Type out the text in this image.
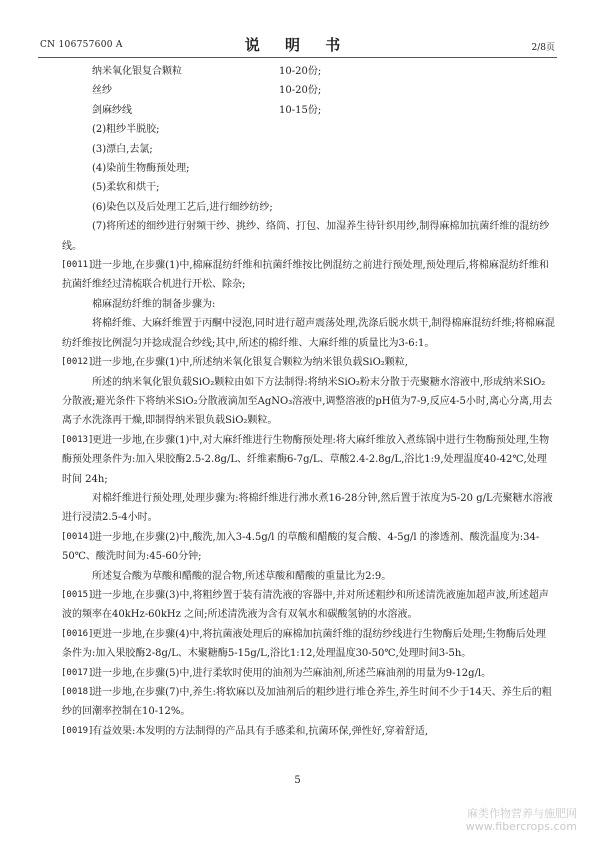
CN 106757600 A	说 明 书	2/8页
纳米氧化银复合颗粒	10-20份;
丝纱	10-20份;
剑麻纱线	10-15份;
(2)粗纱半脱胶;
(3)漂白,去氯;
(4)染前生物酶预处理;
(5)柔软和烘干;
(6)染色以及后处理工艺后,进行细纱纺纱;
(7)将所述的细纱进行射频干纱、挑纱、络筒、打包、加湿养生待针织用纱,制得麻棉加抗菌纤维的混纺纱线。
[0011]
进一步地,在步骤(1)中,棉麻混纺纤维和抗菌纤维按比例混纺之前进行预处理,预处理后,将棉麻混纺纤维和抗菌纤维经过清梳联合机进行开松、除杂;
棉麻混纺纤维的制备步骤为:
将棉纤维、大麻纤维置于丙酮中浸泡,同时进行超声震荡处理,洗涤后脱水烘干,制得棉麻混纺纤维;将棉麻混纺纤维按比例混匀并捻成混合纱线;其中,所述的棉纤维、大麻纤维的质量比为3-6:1。
[0012]
进一步地,在步骤(1)中,所述纳米氧化银复合颗粒为纳米银负载SiO₂颗粒,
所述的纳米氧化银负载SiO₂颗粒由如下方法制得:将纳米SiO₂粉末分散于壳聚糖水溶液中,形成纳米SiO₂分散液;避光条件下将纳米SiO₂分散液滴加至AgNO₃溶液中,调整溶液的pH值为7-9,反应4-5小时,离心分离,用去离子水洗涤再干燥,即制得纳米银负载SiO₂颗粒。
[0013]
更进一步地,在步骤(1)中,对大麻纤维进行生物酶预处理:将大麻纤维放入煮练锅中进行生物酶预处理,生物酶预处理条件为:加入果胶酶2.5-2.8g/L、纤维素酶6-7g/L、草酸2.4-2.8g/L,浴比1:9,处理温度40-42℃,处理时间 24h;
对棉纤维进行预处理,处理步骤为:将棉纤维进行沸水煮16-28分钟,然后置于浓度为5-20 g/L壳聚糖水溶液进行浸渍2.5-4小时。
[0014]
进一步地,在步骤(2)中,酸洗,加入3-4.5g/l 的草酸和醋酸的复合酸、4-5g/l 的渗透剂、酸洗温度为:34-50℃、酸洗时间为:45-60分钟;
所述复合酸为草酸和醋酸的混合物,所述草酸和醋酸的重量比为2:9。
[0015]
进一步地,在步骤(3)中,将粗纱置于装有清洗液的容器中,并对所述粗纱和所述清洗液施加超声波,所述超声波的频率在40kHz-60kHz 之间;所述清洗液为含有双氧水和碳酸氢钠的水溶液。
[0016]
更进一步地,在步骤(4)中,将抗菌液处理后的麻棉加抗菌纤维的混纺纱线进行生物酶后处理;生物酶后处理条件为:加入果胶酶2-8g/L、木聚糖酶5-15g/L,浴比1:12,处理温度30-50℃,处理时间3-5h。
[0017]
进一步地,在步骤(5)中,进行柔软时使用的油剂为苎麻油剂,所述苎麻油剂的用量为9-12g/l。
[0018]
进一步地,在步骤(7)中,养生:将软麻以及加油剂后的粗纱进行堆仓养生,养生时间不少于14天、养生后的粗纱的回潮率控制在10-12%。
[0019]
有益效果:本发明的方法制得的产品具有手感柔和,抗菌环保,弹性好,穿着舒适,
5
麻类作物营养与施肥网
www.fibercrops.com
